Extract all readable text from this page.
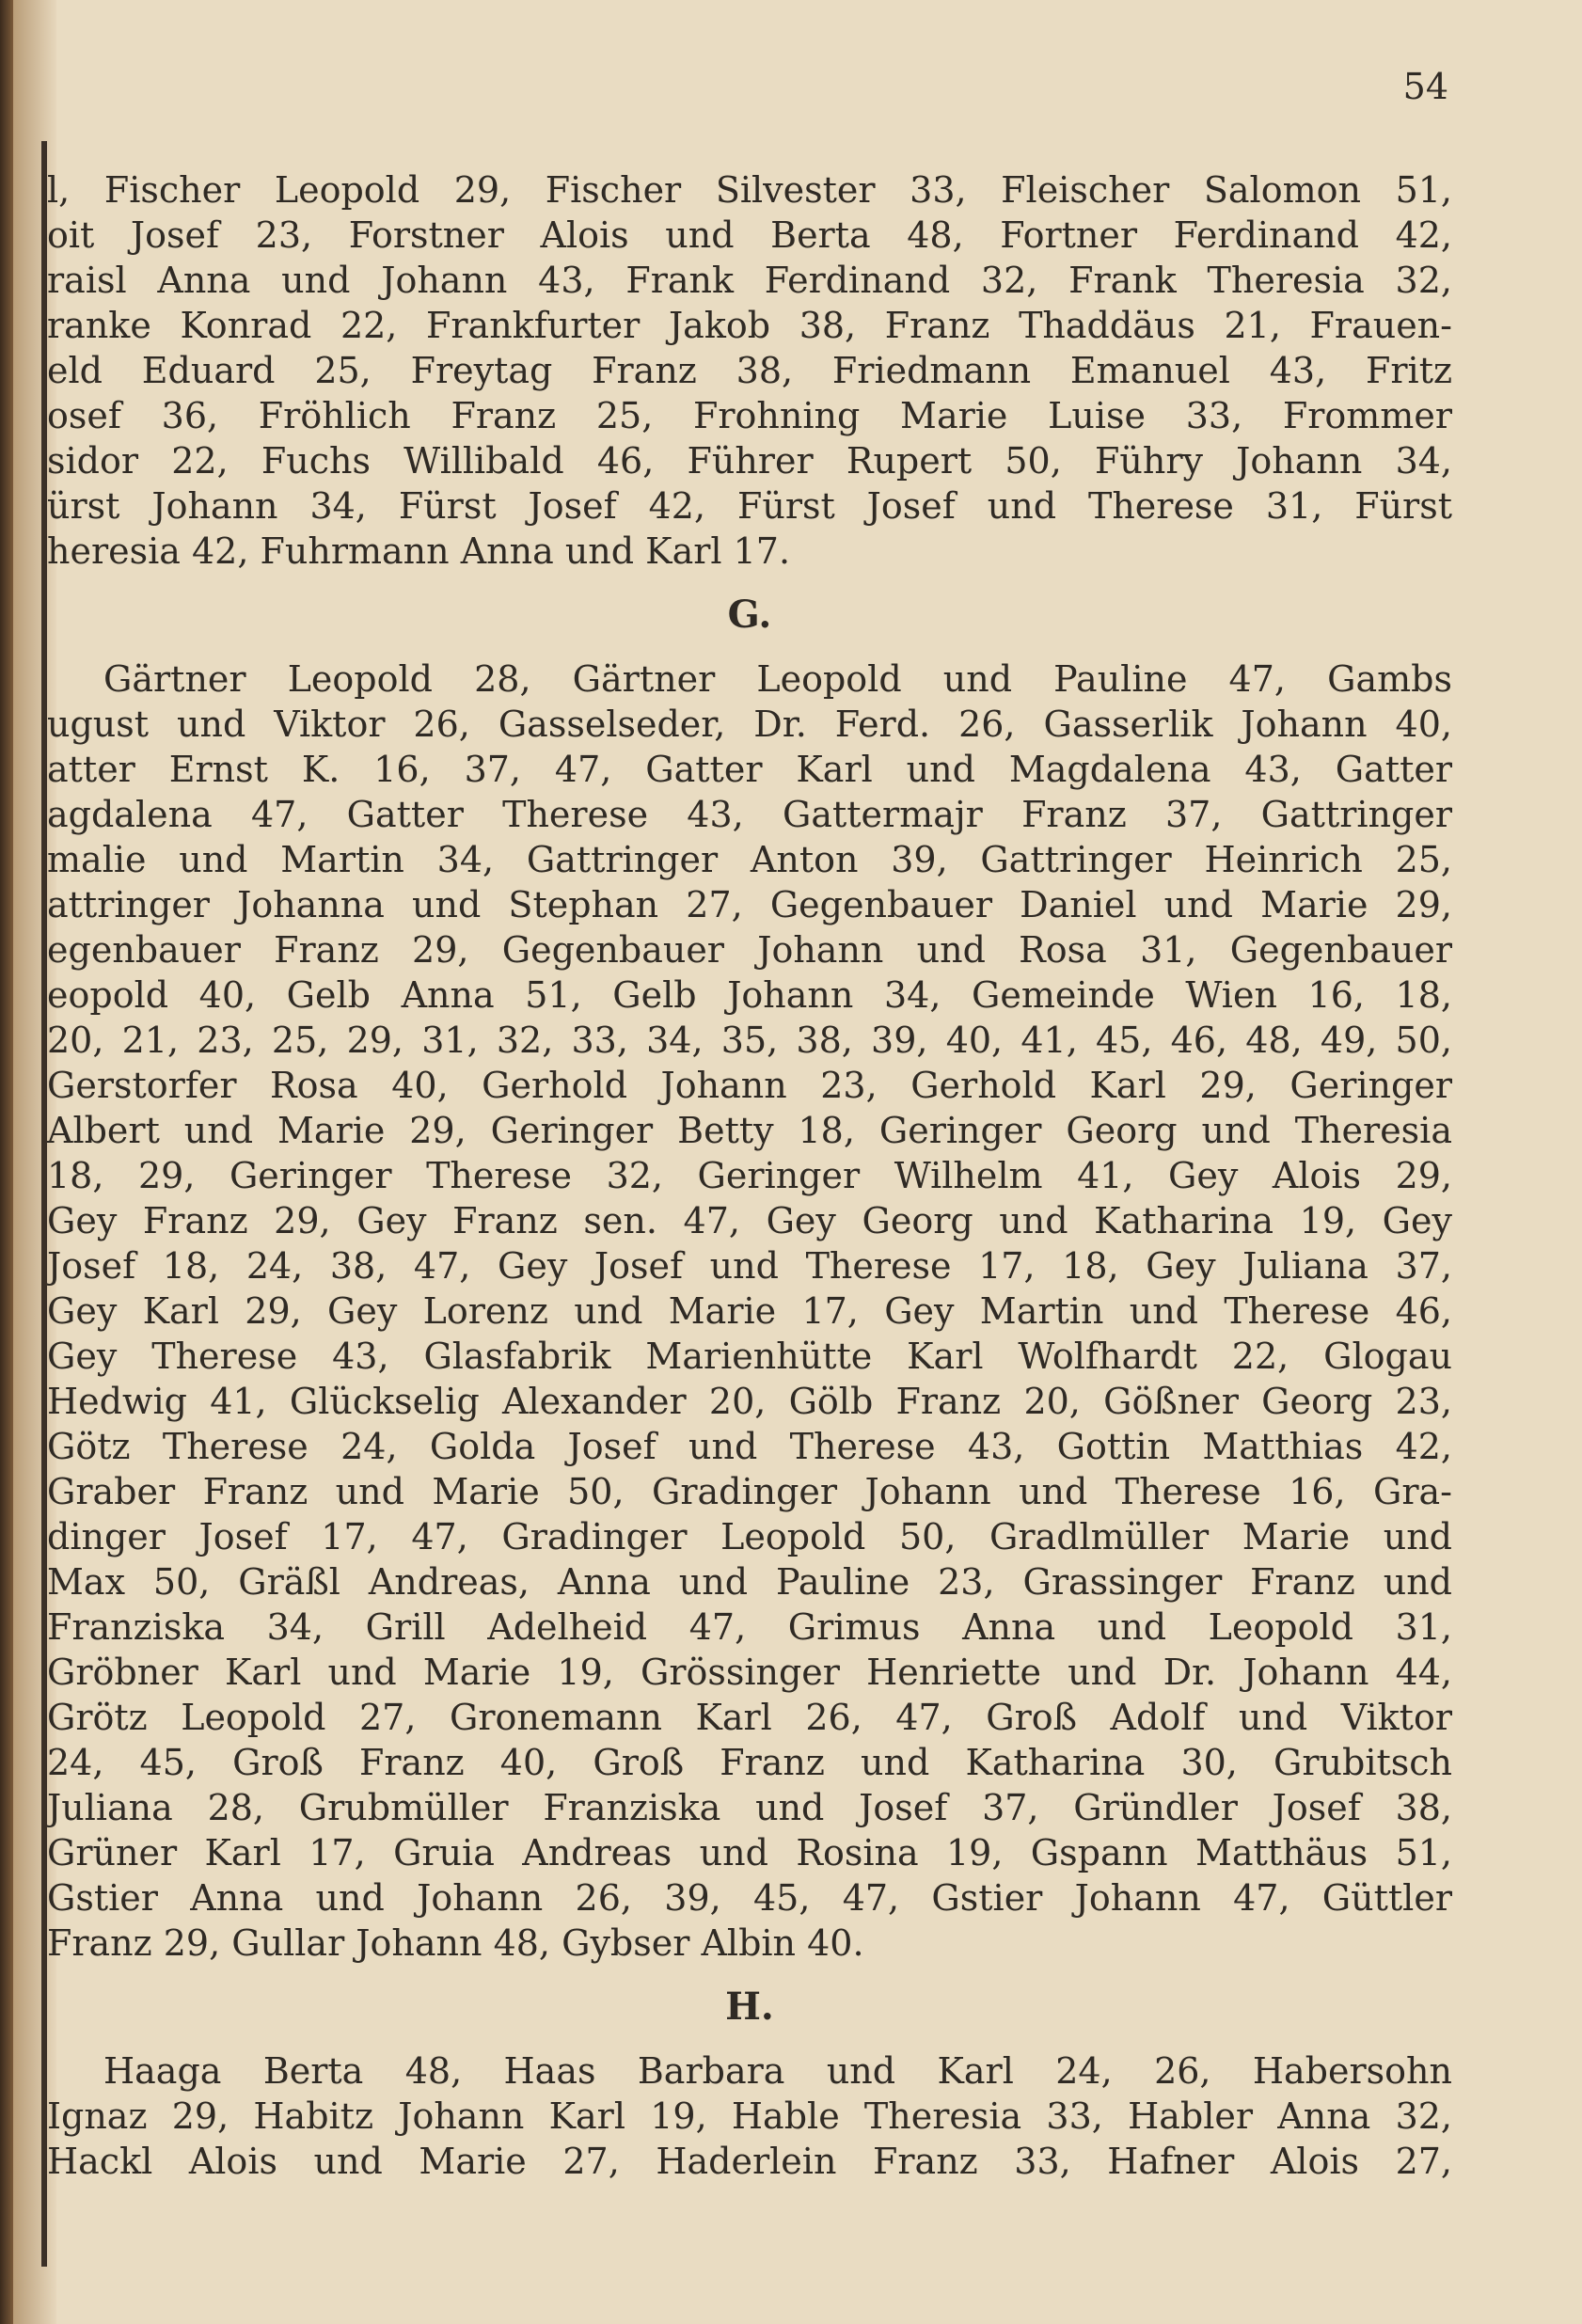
54
l, Fischer Leopold 29, Fischer Silvester 33, Fleischer Salomon 51,
oit Josef 23, Forstner Alois und Berta 48, Fortner Ferdinand 42,
raisl Anna und Johann 43, Frank Ferdinand 32, Frank Theresia 32,
ranke Konrad 22, Frankfurter Jakob 38, Franz Thaddäus 21, Frauen-
eld Eduard 25, Freytag Franz 38, Friedmann Emanuel 43, Fritz
osef 36, Fröhlich Franz 25, Frohning Marie Luise 33, Frommer
sidor 22, Fuchs Willibald 46, Führer Rupert 50, Führy Johann 34,
ürst Johann 34, Fürst Josef 42, Fürst Josef und Therese 31, Fürst
heresia 42, Fuhrmann Anna und Karl 17.
G.
Gärtner Leopold 28, Gärtner Leopold und Pauline 47, Gambs
ugust und Viktor 26, Gasselseder, Dr. Ferd. 26, Gasserlik Johann 40,
atter Ernst K. 16, 37, 47, Gatter Karl und Magdalena 43, Gatter
agdalena 47, Gatter Therese 43, Gattermajr Franz 37, Gattringer
malie und Martin 34, Gattringer Anton 39, Gattringer Heinrich 25,
attringer Johanna und Stephan 27, Gegenbauer Daniel und Marie 29,
egenbauer Franz 29, Gegenbauer Johann und Rosa 31, Gegenbauer
eopold 40, Gelb Anna 51, Gelb Johann 34, Gemeinde Wien 16, 18,
20, 21, 23, 25, 29, 31, 32, 33, 34, 35, 38, 39, 40, 41, 45, 46, 48, 49, 50,
Gerstorfer Rosa 40, Gerhold Johann 23, Gerhold Karl 29, Geringer
Albert und Marie 29, Geringer Betty 18, Geringer Georg und Theresia
18, 29, Geringer Therese 32, Geringer Wilhelm 41, Gey Alois 29,
Gey Franz 29, Gey Franz sen. 47, Gey Georg und Katharina 19, Gey
Josef 18, 24, 38, 47, Gey Josef und Therese 17, 18, Gey Juliana 37,
Gey Karl 29, Gey Lorenz und Marie 17, Gey Martin und Therese 46,
Gey Therese 43, Glasfabrik Marienhütte Karl Wolfhardt 22, Glogau
Hedwig 41, Glückselig Alexander 20, Gölb Franz 20, Gößner Georg 23,
Götz Therese 24, Golda Josef und Therese 43, Gottin Matthias 42,
Graber Franz und Marie 50, Gradinger Johann und Therese 16, Gra-
dinger Josef 17, 47, Gradinger Leopold 50, Gradlmüller Marie und
Max 50, Gräßl Andreas, Anna und Pauline 23, Grassinger Franz und
Franziska 34, Grill Adelheid 47, Grimus Anna und Leopold 31,
Gröbner Karl und Marie 19, Grössinger Henriette und Dr. Johann 44,
Grötz Leopold 27, Gronemann Karl 26, 47, Groß Adolf und Viktor
24, 45, Groß Franz 40, Groß Franz und Katharina 30, Grubitsch
Juliana 28, Grubmüller Franziska und Josef 37, Gründler Josef 38,
Grüner Karl 17, Gruia Andreas und Rosina 19, Gspann Matthäus 51,
Gstier Anna und Johann 26, 39, 45, 47, Gstier Johann 47, Güttler
Franz 29, Gullar Johann 48, Gybser Albin 40.
H.
Haaga Berta 48, Haas Barbara und Karl 24, 26, Habersohn
Ignaz 29, Habitz Johann Karl 19, Hable Theresia 33, Habler Anna 32,
Hackl Alois und Marie 27, Haderlein Franz 33, Hafner Alois 27,
